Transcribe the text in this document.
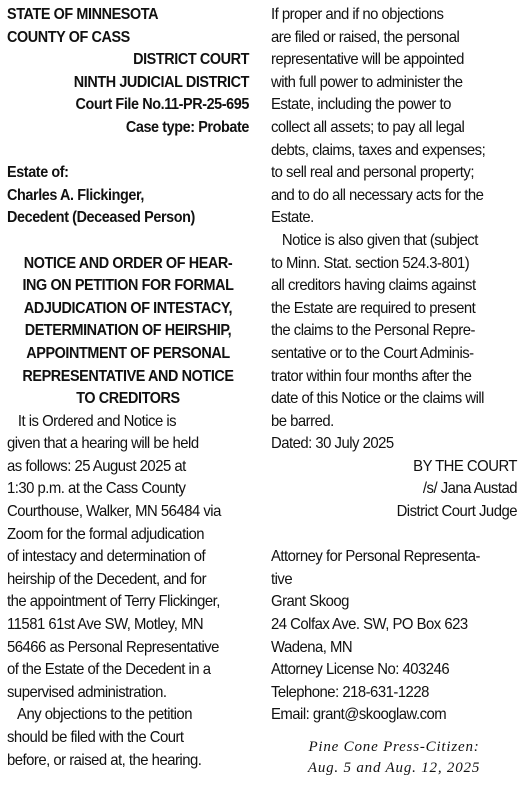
STATE OF MINNESOTA
COUNTY OF CASS
DISTRICT COURT
NINTH JUDICIAL DISTRICT
Court File No.11-PR-25-695
Case type: Probate
Estate of:
Charles A. Flickinger,
Decedent (Deceased Person)
NOTICE AND ORDER OF HEAR-
ING ON PETITION FOR FORMAL
ADJUDICATION OF INTESTACY,
DETERMINATION OF HEIRSHIP,
APPOINTMENT OF PERSONAL
REPRESENTATIVE AND NOTICE
TO CREDITORS
It is Ordered and Notice is
given that a hearing will be held
as follows: 25 August 2025 at
1:30 p.m. at the Cass County
Courthouse, Walker, MN 56484 via
Zoom for the formal adjudication
of intestacy and determination of
heirship of the Decedent, and for
the appointment of Terry Flickinger,
11581 61st Ave SW, Motley, MN
56466 as Personal Representative
of the Estate of the Decedent in a
supervised administration.
Any objections to the petition
should be filed with the Court
before, or raised at, the hearing.
If proper and if no objections
are filed or raised, the personal
representative will be appointed
with full power to administer the
Estate, including the power to
collect all assets; to pay all legal
debts, claims, taxes and expenses;
to sell real and personal property;
and to do all necessary acts for the
Estate.
Notice is also given that (subject
to Minn. Stat. section 524.3-801)
all creditors having claims against
the Estate are required to present
the claims to the Personal Repre-
sentative or to the Court Adminis-
trator within four months after the
date of this Notice or the claims will
be barred.
Dated: 30 July 2025
BY THE COURT
/s/ Jana Austad
District Court Judge
Attorney for Personal Representa-
tive
Grant Skoog
24 Colfax Ave. SW, PO Box 623
Wadena, MN
Attorney License No: 403246
Telephone: 218-631-1228
Email: grant@skooglaw.com
Pine Cone Press-Citizen:
Aug. 5 and Aug. 12, 2025
